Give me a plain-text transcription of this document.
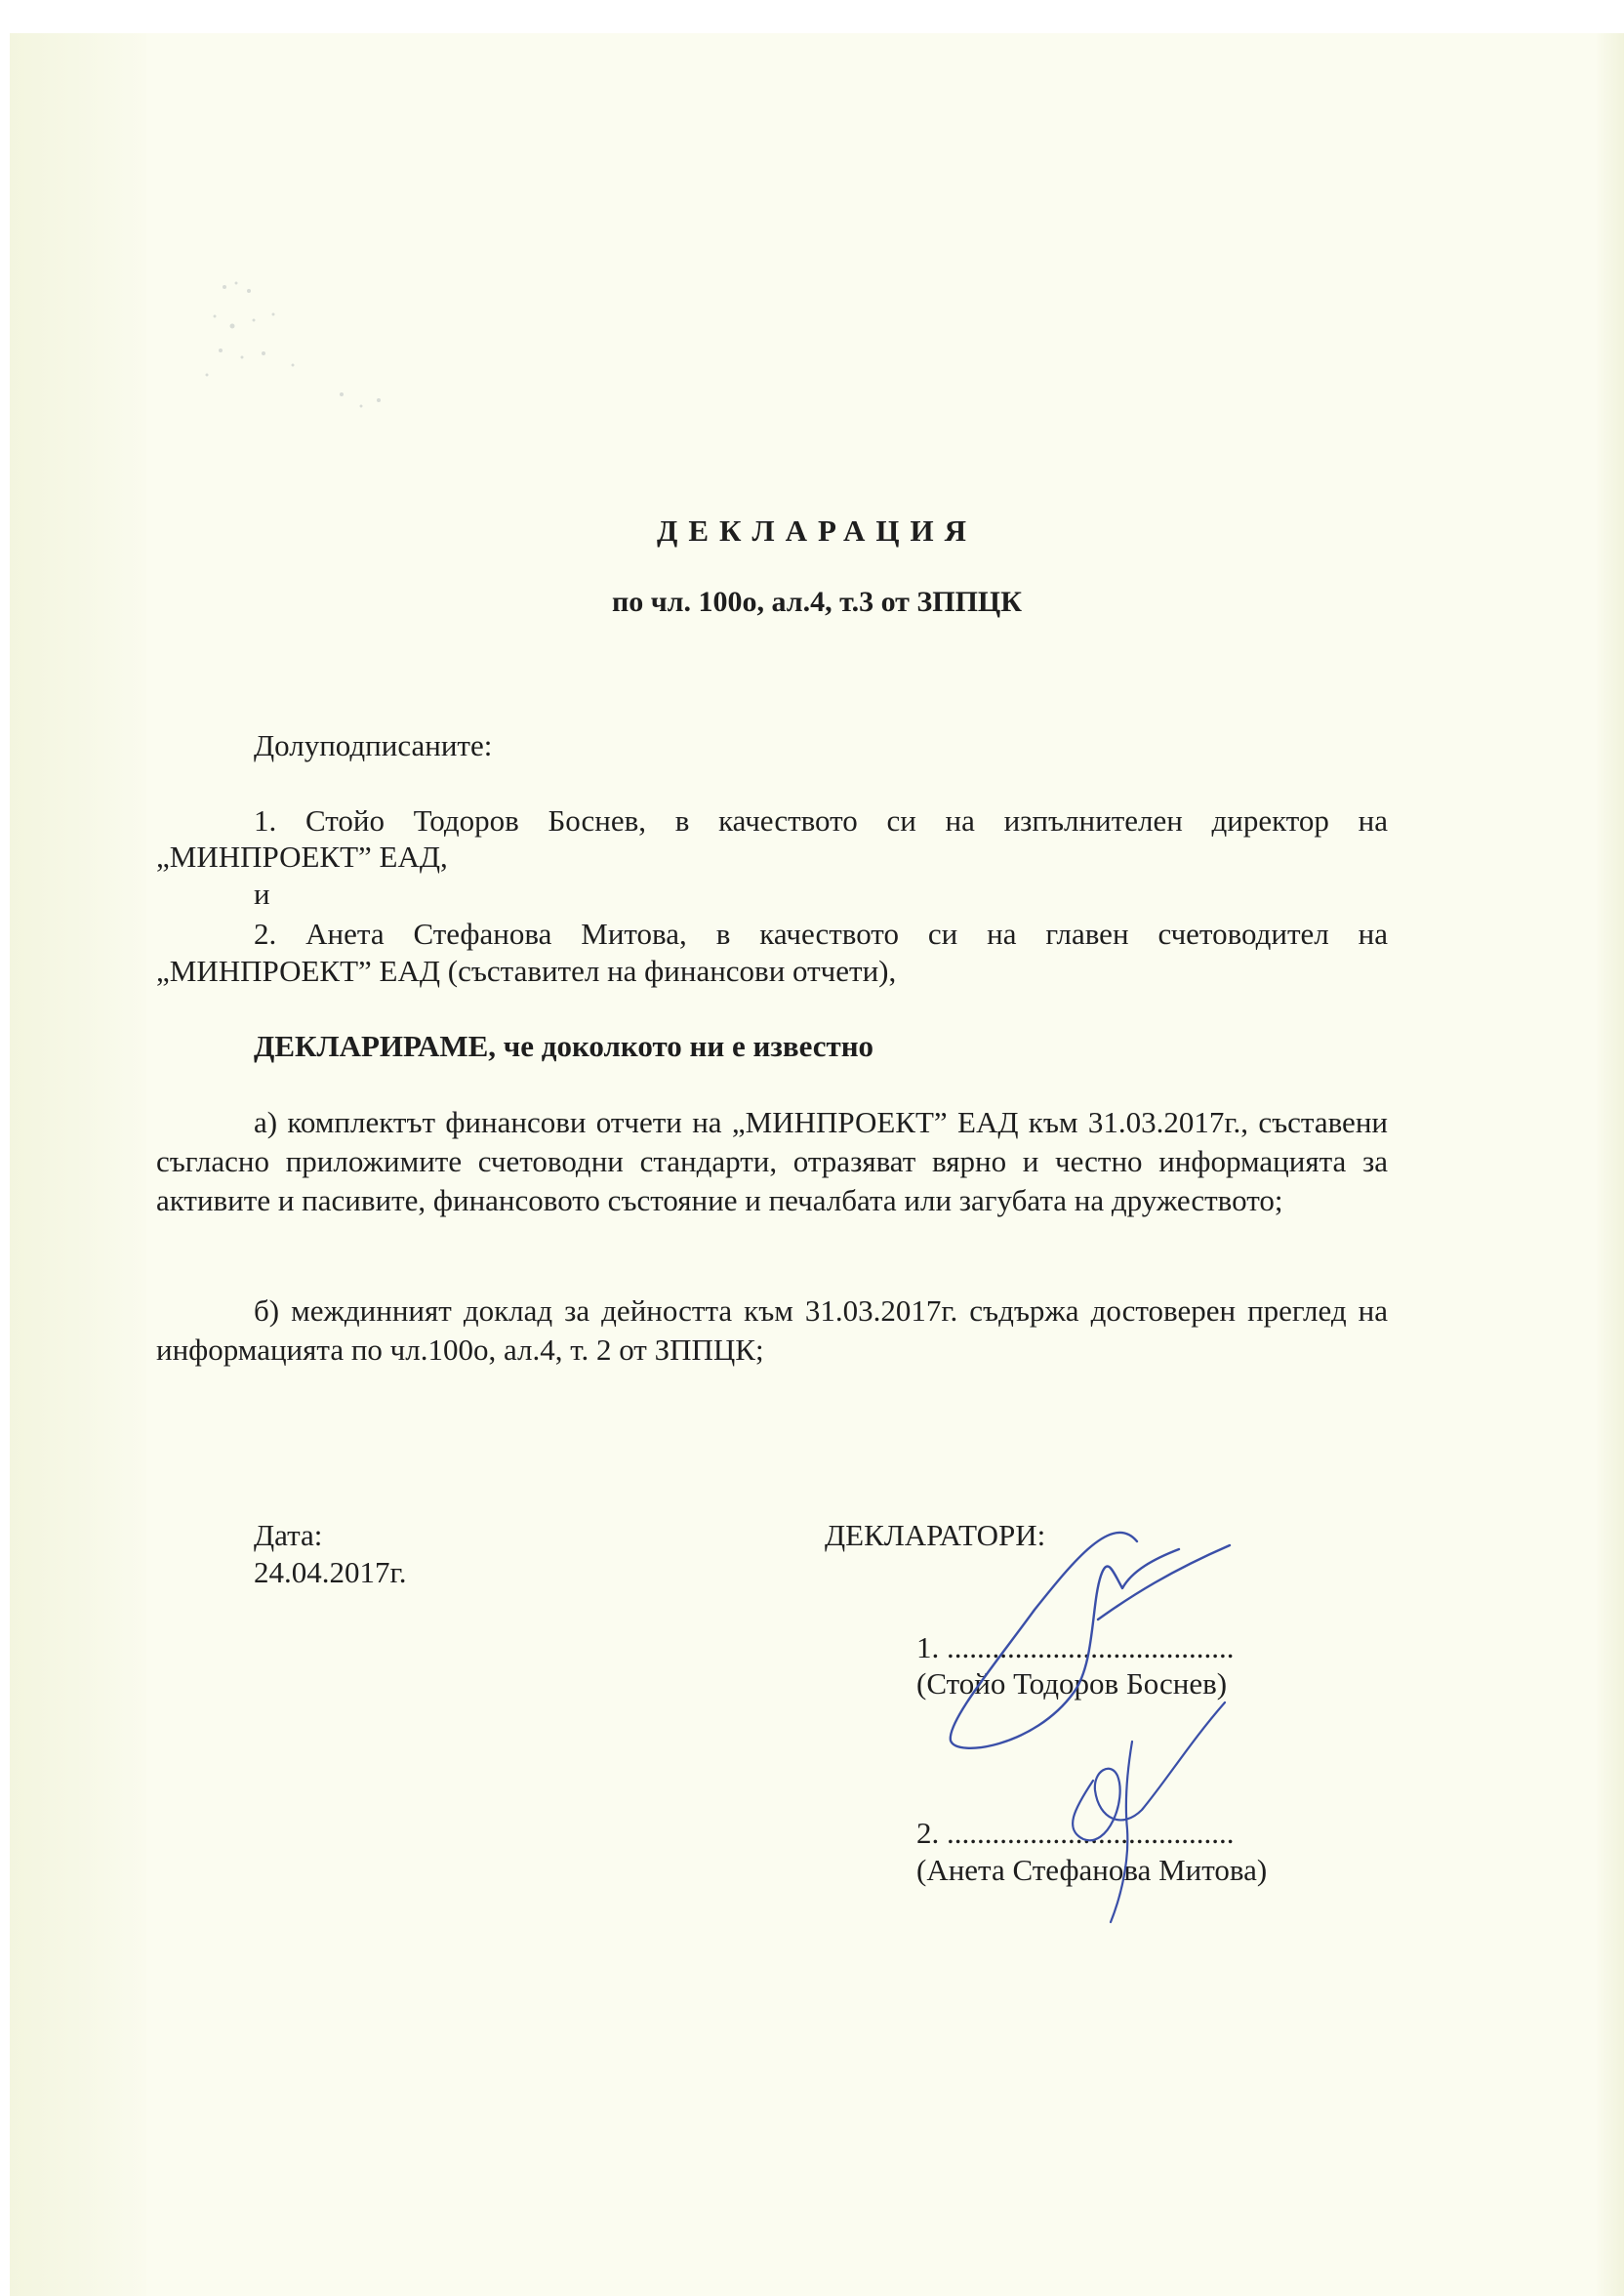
ДЕКЛАРАЦИЯ
по чл. 100о, ал.4, т.3 от ЗППЦК
Долуподписаните:
1. Стойо Тодоров Боснев, в качеството си на изпълнителен директор на
„МИНПРОЕКТ” ЕАД,
и
2. Анета Стефанова Митова, в качеството си на главен счетоводител на
„МИНПРОЕКТ” ЕАД (съставител на финансови отчети),
ДЕКЛАРИРАМЕ, че доколкото ни е известно
а) комплектът финансови отчети на „МИНПРОЕКТ” ЕАД към 31.03.2017г., съставени съгласно приложимите счетоводни стандарти, отразяват вярно и честно информацията за активите и пасивите, финансовото състояние и печалбата или загубата на дружеството;
б) междинният доклад за дейността към 31.03.2017г. съдържа достоверен преглед на информацията по чл.100о, ал.4, т. 2 от ЗППЦК;
Дата:
24.04.2017г.
ДЕКЛАРАТОРИ:
1. ......................................
(Стойо Тодоров Боснев)
2. ......................................
(Анета Стефанова Митова)
